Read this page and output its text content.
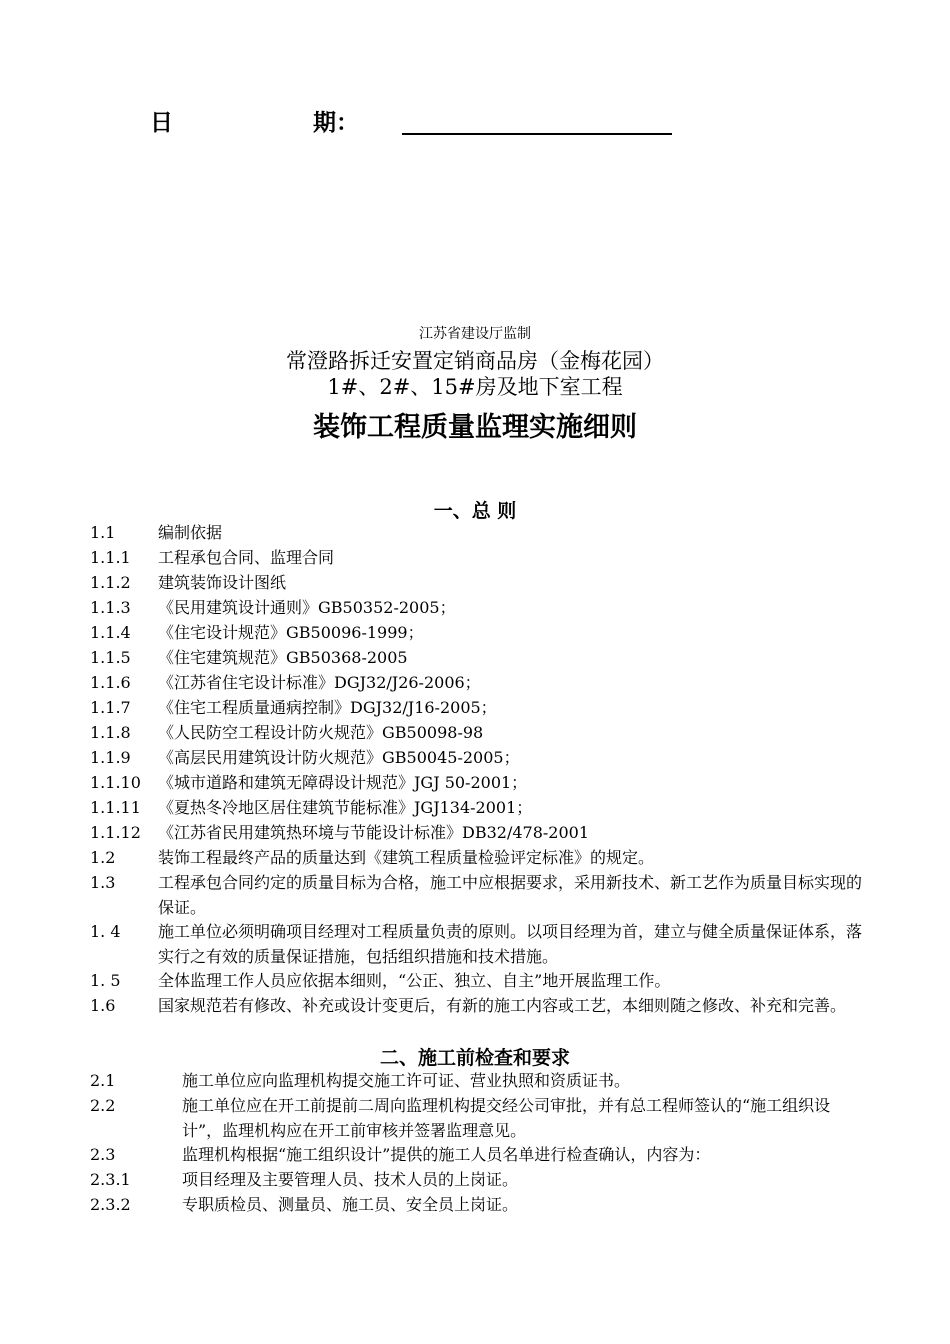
日	期：
江苏省建设厅监制
常澄路拆迁安置定销商品房（金梅花园）
1#、2#、15#房及地下室工程
装饰工程质量监理实施细则
一、总 则
1.1	编制依据
1.1.1 工程承包合同、监理合同
1.1.2 建筑装饰设计图纸
1.1.3 《民用建筑设计通则》GB50352-2005；
1.1.4 《住宅设计规范》GB50096-1999；
1.1.5 《住宅建筑规范》GB50368-2005
1.1.6 《江苏省住宅设计标准》DGJ32/J26-2006；
1.1.7 《住宅工程质量通病控制》DGJ32/J16-2005；
1.1.8 《人民防空工程设计防火规范》GB50098-98
1.1.9 《高层民用建筑设计防火规范》GB50045-2005；
1.1.10 《城市道路和建筑无障碍设计规范》JGJ 50-2001；
1.1.11 《夏热冬冷地区居住建筑节能标准》JGJ134-2001；
1.1.12 《江苏省民用建筑热环境与节能设计标准》DB32/478-2001
1.2	装饰工程最终产品的质量达到《建筑工程质量检验评定标准》的规定。
1.3	工程承包合同约定的质量目标为合格，施工中应根据要求，采用新技术、新工艺作为质量目标实现的保证。
1. 4 施工单位必须明确项目经理对工程质量负责的原则。以项目经理为首，建立与健全质量保证体系，落实行之有效的质量保证措施，包括组织措施和技术措施。
1. 5 全体监理工作人员应依据本细则，“公正、独立、自主”地开展监理工作。
1.6	国家规范若有修改、补充或设计变更后，有新的施工内容或工艺，本细则随之修改、补充和完善。
二、施工前检查和要求
2.1	施工单位应向监理机构提交施工许可证、营业执照和资质证书。
2.2	施工单位应在开工前提前二周向监理机构提交经公司审批，并有总工程师签认的“施工组织设计”，监理机构应在开工前审核并签署监理意见。
2.3	监理机构根据“施工组织设计”提供的施工人员名单进行检查确认，内容为：
2.3.1	项目经理及主要管理人员、技术人员的上岗证。
2.3.2	专职质检员、测量员、施工员、安全员上岗证。
